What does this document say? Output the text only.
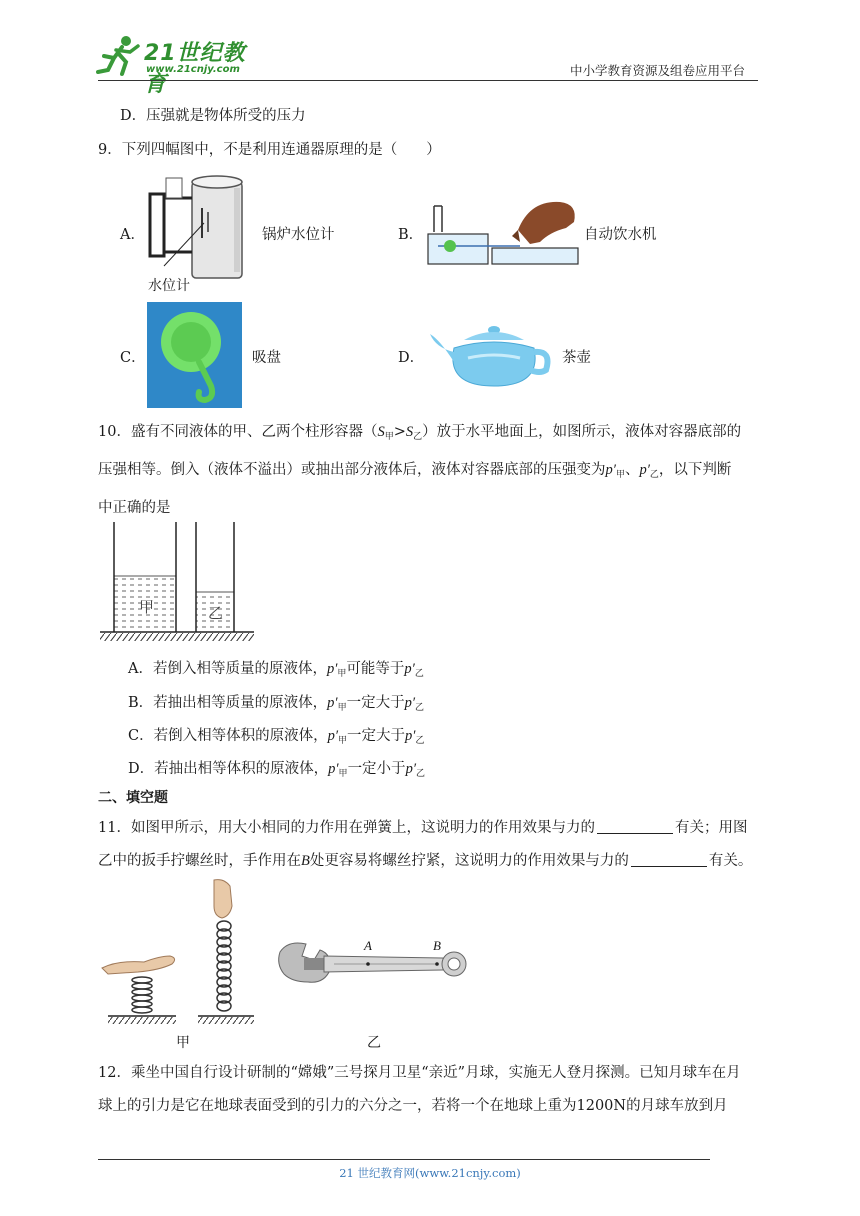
21世纪教育
www.21cnjy.com	中小学教育资源及组卷应用平台
D．压强就是物体所受的压力
9．下列四幅图中，不是利用连通器原理的是（　　）
A．
水位计
锅炉水位计	B．	自动饮水机
C．	吸盘	D．	茶壶
10．盛有不同液体的甲、乙两个柱形容器$(S_甲>S_乙)$放于水平地面上，如图所示，液体对容器底部的
压强相等。倒入（液体不溢出）或抽出部分液体后，液体对容器底部的压强变为$p'_甲$、$p'_乙$，以下判断
中正确的是
甲	乙
A．若倒入相等质量的原液体，$p'_甲$可能等于$p'_乙$
B．若抽出相等质量的原液体，$p'_甲$一定大于$p'_乙$
C．若倒入相等体积的原液体，$p'_甲$一定大于$p'_乙$
D．若抽出相等体积的原液体，$p'_甲$一定小于$p'_乙$
二、填空题
11．如图甲所示，用大小相同的力作用在弹簧上，这说明力的作用效果与力的	有关；用图
乙中的扳手拧螺丝时，手作用在B处更容易将螺丝拧紧，这说明力的作用效果与力的	有关。
A	B
甲	乙
12．乘坐中国自行设计研制的“嫦娥”三号探月卫星“亲近”月球，实施无人登月探测。已知月球车在月
球上的引力是它在地球表面受到的引力的六分之一，若将一个在地球上重为1200N的月球车放到月
21 世纪教育网(www.21cnjy.com)
